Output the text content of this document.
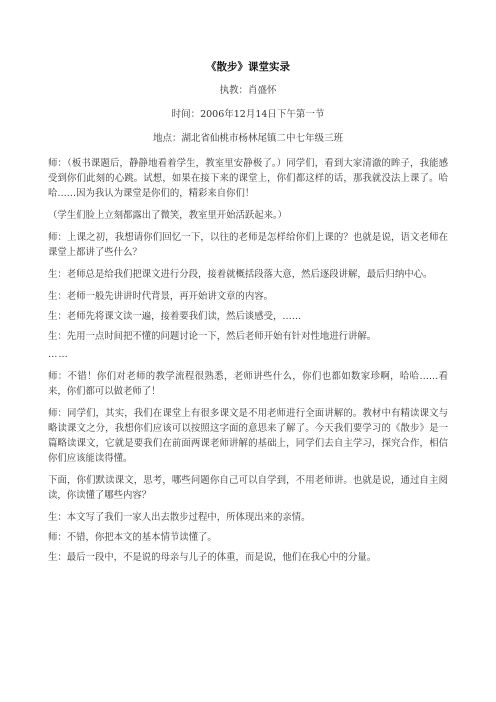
《散步》课堂实录
执教：肖盛怀
时间：2006年12月14日下午第一节
地点：湖北省仙桃市杨林尾镇二中七年级三班

师：（板书课题后，静静地看着学生，教室里安静极了。）同学们，看到大家清澈的眸子，我能感受到你们此刻的心跳。试想，如果在接下来的课堂上，你们都这样的话，那我就没法上课了。哈哈……因为我认为课堂是你们的，精彩来自你们！

（学生们脸上立刻都露出了微笑，教室里开始活跃起来。）

师：上课之初，我想请你们回忆一下，以往的老师是怎样给你们上课的？也就是说，语文老师在课堂上都讲了些什么？

生：老师总是给我们把课文进行分段，接着就概括段落大意，然后逐段讲解，最后归纳中心。

生：老师一般先讲讲时代背景，再开始讲文章的内容。

生：老师先将课文读一遍，接着要我们读，然后谈感受，……

生：先用一点时间把不懂的问题讨论一下，然后老师开始有针对性地进行讲解。

……

师：不错！你们对老师的教学流程很熟悉，老师讲些什么，你们也都如数家珍啊，哈哈……看来，你们都可以做老师了！

师：同学们，其实，我们在课堂上有很多课文是不用老师进行全面讲解的。教材中有精读课文与略读课文之分，我想你们应该可以按照这字面的意思来了解了。今天我们要学习的《散步》是一篇略读课文，它就是要我们在前面两课老师讲解的基础上，同学们去自主学习，探究合作，相信你们应该能读得懂。

下面，你们默读课文，思考，哪些问题你自己可以自学到，不用老师讲。也就是说，通过自主阅读，你读懂了哪些内容？

生：本文写了我们一家人出去散步过程中，所体现出来的亲情。

师：不错，你把本文的基本情节读懂了。

生：最后一段中，不是说的母亲与儿子的体重，而是说，他们在我心中的分量。
